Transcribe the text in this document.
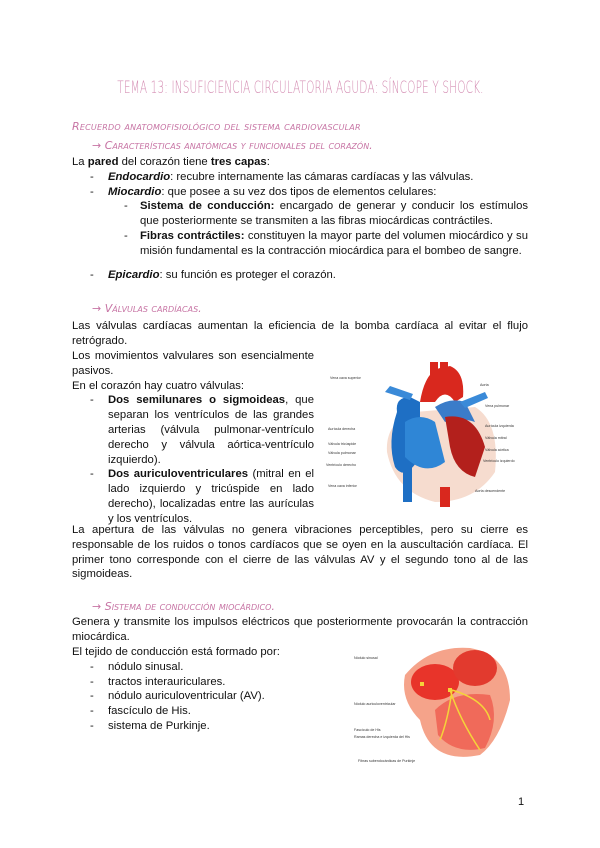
TEMA 13: INSUFICIENCIA CIRCULATORIA AGUDA: SÍNCOPE Y SHOCK.
Recuerdo anatomofisiológico del sistema cardiovascular
→ Características anatómicas y funcionales del corazón.
La pared del corazón tiene tres capas:
- Endocardio: recubre internamente las cámaras cardíacas y las válvulas.
- Miocardio: que posee a su vez dos tipos de elementos celulares:
- Sistema de conducción: encargado de generar y conducir los estímulos que posteriormente se transmiten a las fibras miocárdicas contráctiles.
- Fibras contráctiles: constituyen la mayor parte del volumen miocárdico y su misión fundamental es la contracción miocárdica para el bombeo de sangre.
- Epicardio: su función es proteger el corazón.
→ Válvulas cardíacas.
Las válvulas cardíacas aumentan la eficiencia de la bomba cardíaca al evitar el flujo retrógrado.
Los movimientos valvulares son esencialmente pasivos.
En el corazón hay cuatro válvulas:
- Dos semilunares o sigmoideas, que separan los ventrículos de las grandes arterias (válvula pulmonar-ventrículo derecho y válvula aórtica-ventrículo izquierdo).
- Dos auriculoventriculares (mitral en el lado izquierdo y tricúspide en lado derecho), localizadas entre las aurículas y los ventrículos.
La apertura de las válvulas no genera vibraciones perceptibles, pero su cierre es responsable de los ruidos o tonos cardíacos que se oyen en la auscultación cardíaca. El primer tono corresponde con el cierre de las válvulas AV y el segundo tono al de las sigmoideas.
Vena cava superior
Aorta
Vena pulmonar
Aurícula derecha
Aurícula izquierda
Válvula tricúspide
Válvula mitral
Válvula pulmonar
Válvula aórtica
Ventrículo derecho
Ventrículo izquierdo
Vena cava inferior
Aorta descendente
→ Sistema de conducción miocárdico.
Genera y transmite los impulsos eléctricos que posteriormente provocarán la contracción miocárdica.
El tejido de conducción está formado por:
- nódulo sinusal.
- tractos interauriculares.
- nódulo auriculoventricular (AV).
- fascículo de His.
- sistema de Purkinje.
Nódulo sinusal
Nódulo auriculoventricular
Fascículo de His
Ramas derecha e izquierda del His
Fibras subendocárdicas de Purkinje
1
